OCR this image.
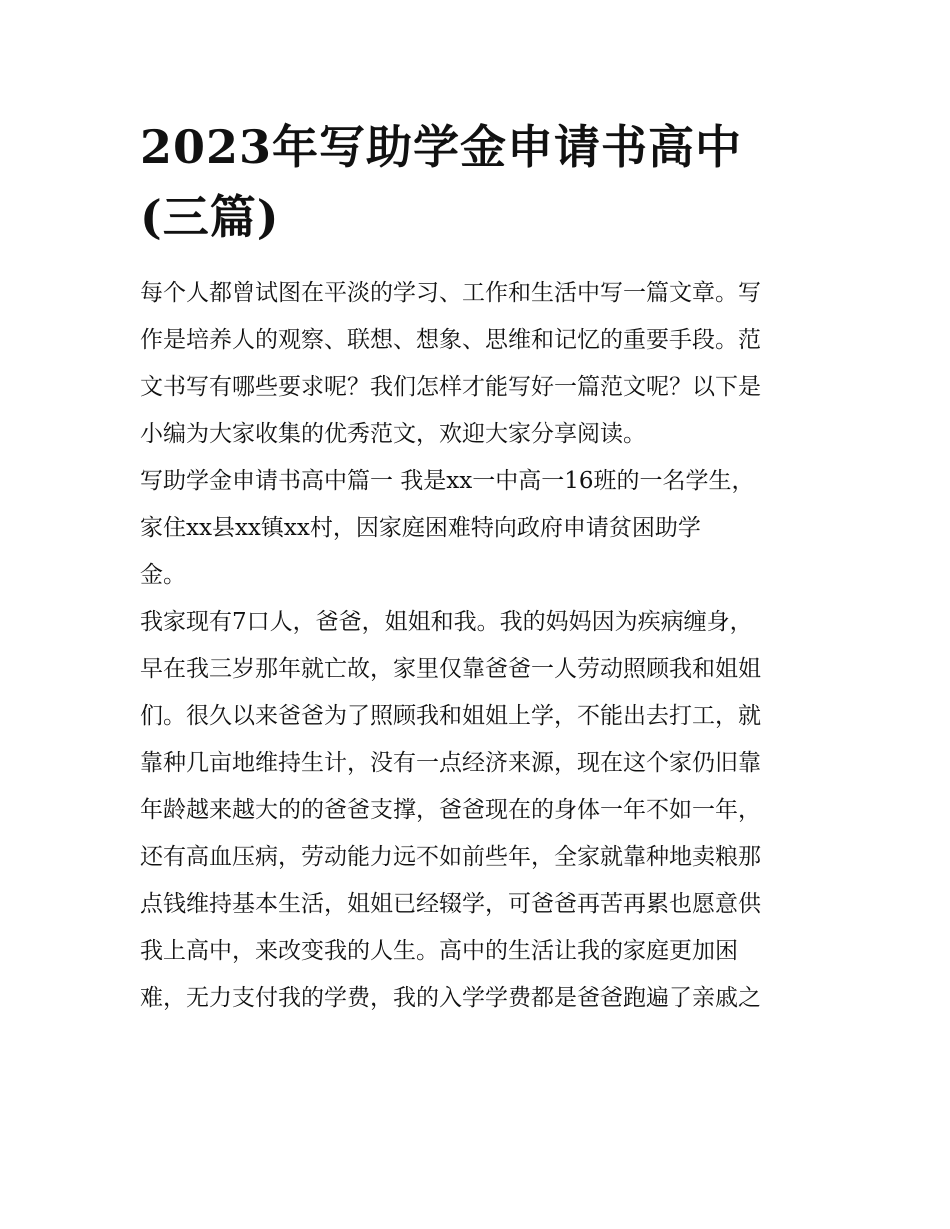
2023年写助学金申请书高中
(三篇)

每个人都曾试图在平淡的学习、工作和生活中写一篇文章。写
作是培养人的观察、联想、想象、思维和记忆的重要手段。范
文书写有哪些要求呢？我们怎样才能写好一篇范文呢？以下是
小编为大家收集的优秀范文，欢迎大家分享阅读。

写助学金申请书高中篇一 我是xx一中高一16班的一名学生，
家住xx县xx镇xx村，因家庭困难特向政府申请贫困助学
金。

我家现有7口人，爸爸，姐姐和我。我的妈妈因为疾病缠身，
早在我三岁那年就亡故，家里仅靠爸爸一人劳动照顾我和姐姐
们。很久以来爸爸为了照顾我和姐姐上学，不能出去打工，就
靠种几亩地维持生计，没有一点经济来源，现在这个家仍旧靠
年龄越来越大的的爸爸支撑，爸爸现在的身体一年不如一年，
还有高血压病，劳动能力远不如前些年，全家就靠种地卖粮那
点钱维持基本生活，姐姐已经辍学，可爸爸再苦再累也愿意供
我上高中，来改变我的人生。高中的生活让我的家庭更加困
难，无力支付我的学费，我的入学学费都是爸爸跑遍了亲戚之
